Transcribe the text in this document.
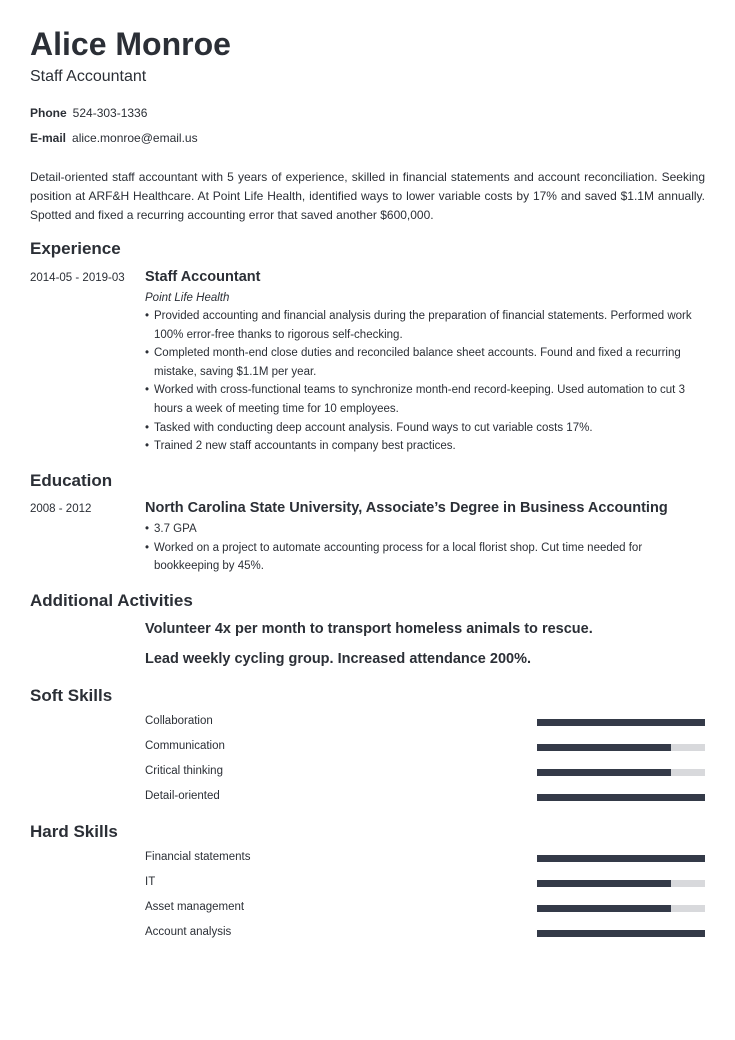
Alice Monroe
Staff Accountant
Phone 524-303-1336
E-mail alice.monroe@email.us

Detail-oriented staff accountant with 5 years of experience, skilled in financial statements and account reconciliation. Seeking position at ARF&H Healthcare. At Point Life Health, identified ways to lower variable costs by 17% and saved $1.1M annually. Spotted and fixed a recurring accounting error that saved another $600,000.

Experience
2014-05 - 2019-03 Staff Accountant
Point Life Health
• Provided accounting and financial analysis during the preparation of financial statements. Performed work 100% error-free thanks to rigorous self-checking.
• Completed month-end close duties and reconciled balance sheet accounts. Found and fixed a recurring mistake, saving $1.1M per year.
• Worked with cross-functional teams to synchronize month-end record-keeping. Used automation to cut 3 hours a week of meeting time for 10 employees.
• Tasked with conducting deep account analysis. Found ways to cut variable costs 17%.
• Trained 2 new staff accountants in company best practices.
Education
2008 - 2012	North Carolina State University, Associate’s Degree in Business Accounting
• 3.7 GPA
• Worked on a project to automate accounting process for a local florist shop. Cut time needed for bookkeeping by 45%.
Additional Activities
Volunteer 4x per month to transport homeless animals to rescue.
Lead weekly cycling group. Increased attendance 200%.
Soft Skills
Collaboration
Communication
Critical thinking
Detail-oriented
Hard Skills
Financial statements
IT
Asset management
Account analysis
